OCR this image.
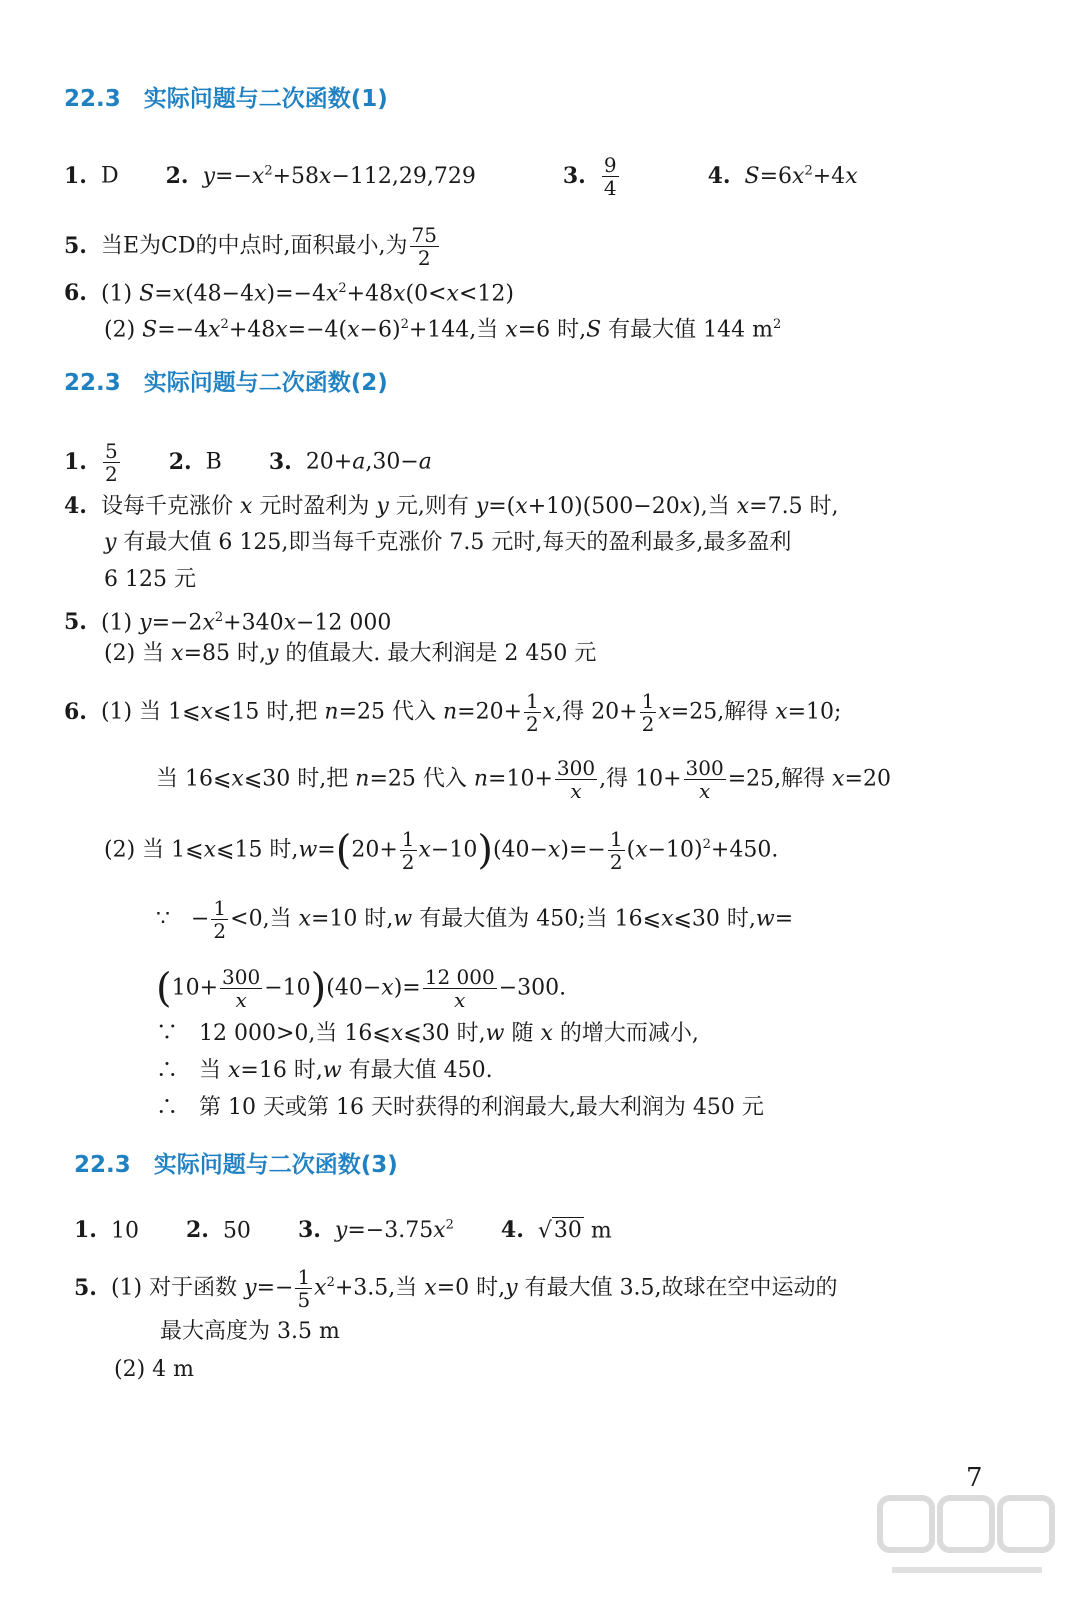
22.3　实际问题与二次函数(1)
1. D 2. $y=-x^2+58x-112,29,729$	3. $\frac{9}{4}$	4. $S=6x^2+4x$
5. 当E为CD的中点时,面积最小,为 $\frac{75}{2}$
6. (1) $S=x(48-4x)=-4x^2+48x(0<x<12)$
(2) $S=-4x^2+48x=-4(x-6)^2+144$,当 x=6 时,S 有最大值 144 $m^2$
22.3　实际问题与二次函数(2)
1. $\frac{5}{2} 2$. B 3. 20+a,30−a
4. 设每千克涨价 x 元时盈利为 y 元,则有 y=(x+10)(500−20x),当 x=7.5 时,
y 有最大值 6 125,即当每千克涨价 7.5 元时,每天的盈利最多,最多盈利
6 125 元
5. (1) $y=-2x^2+340x-12$ 000
(2) 当 x=85 时,y 的值最大. 最大利润是 2 450 元
6. (1) 当 1⩽x⩽15 时,把 n=25 代入 $n=20+ \frac{1}{2} x$,得 $20+ \frac{1}{2} x=25$,解得 x=10;
当 16⩽x⩽30 时,把 n=25 代入 $n=10+ \frac{300}{x}$ ,得 $10+ \frac{300}{x} =25$,解得 x=20
(2) 当 1⩽x⩽15 时$,w=(20+ \frac{1}{2} x-10)(40-x)=- \frac{1}{2} (x-10)^2+450$.
∵   − $\frac{1}{2} <0$,当 x=10 时,w 有最大值为 450;当 16⩽x⩽30 时,w=
$(10+ \frac{300}{x} -10)(40-x)= \frac{12 000}{x} -300$.
∵   12 000>0,当 16⩽x⩽30 时,w 随 x 的增大而减小,
∴   当 x=16 时,w 有最大值 450.
∴   第 10 天或第 16 天时获得的利润最大,最大利润为 450 元
22.3　实际问题与二次函数(3)
1. 10 2. 50 3. $y=-3.75x^2$ 4. √30 m
5. (1) 对于函数 $y=- \frac{1}{5} x^2+3.5$,当 x=0 时,y 有最大值 3.5,故球在空中运动的
最大高度为 3.5 m
(2) 4 m
7
